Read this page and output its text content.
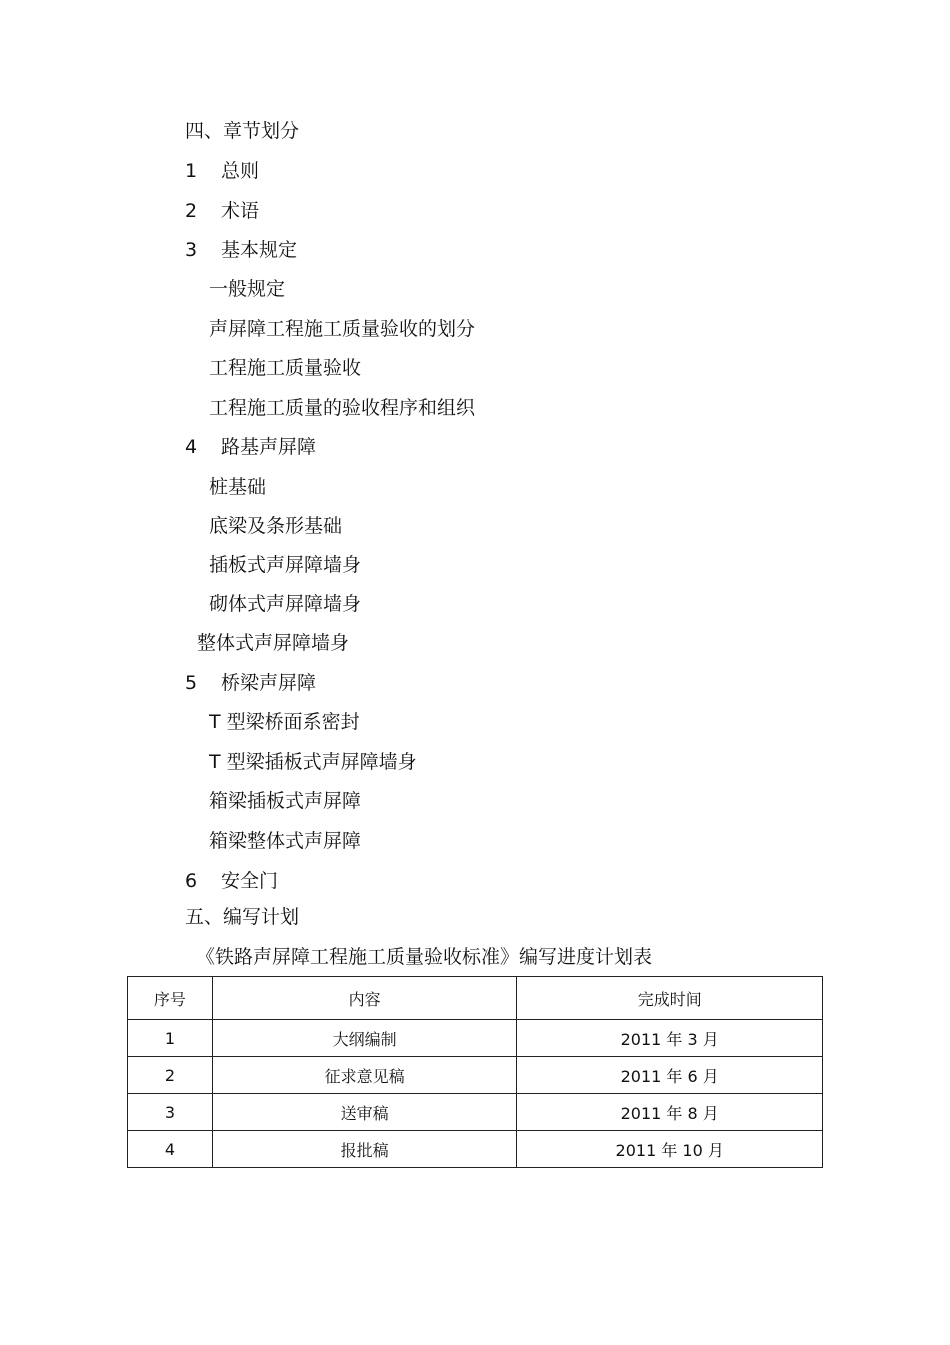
四、章节划分
1 总则
2 术语
3 基本规定
一般规定
声屏障工程施工质量验收的划分
工程施工质量验收
工程施工质量的验收程序和组织
4 路基声屏障
桩基础
底梁及条形基础
插板式声屏障墙身
砌体式声屏障墙身
整体式声屏障墙身
5 桥梁声屏障
T 型梁桥面系密封
T 型梁插板式声屏障墙身
箱梁插板式声屏障
箱梁整体式声屏障
6 安全门
五、编写计划
《铁路声屏障工程施工质量验收标准》编写进度计划表
序号	内容	完成时间
1	大纲编制	2011 年 3 月
2	征求意见稿	2011 年 6 月
3	送审稿	2011 年 8 月
4	报批稿	2011 年 10 月
